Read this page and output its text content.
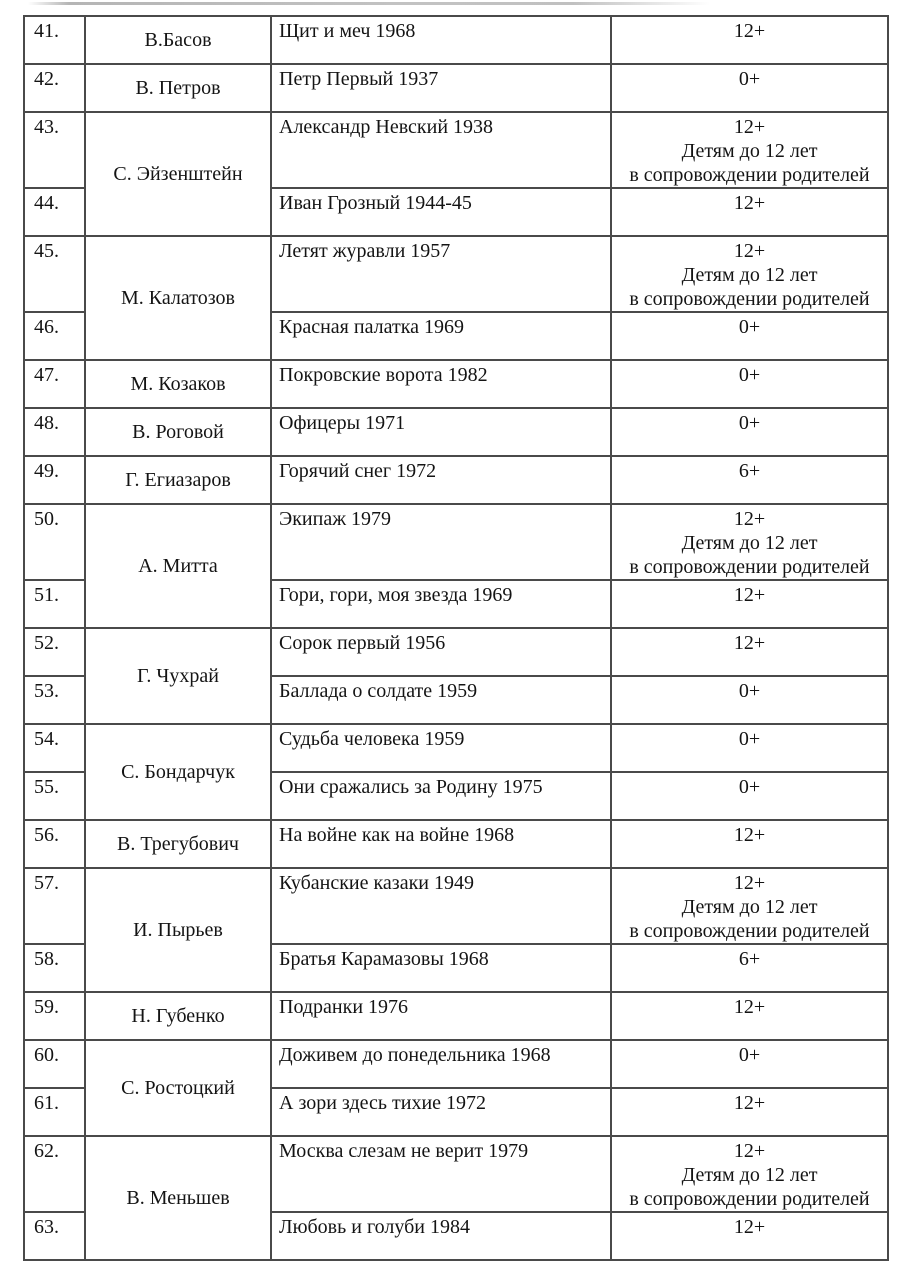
41.	В.Басов	Щит и меч 1968	12+

42.	В. Петров	Петр Первый 1937	0+

43.	С. Эйзенштейн	Александр Невский 1938	12+
Детям до 12 лет
в сопровождении родителей

44.		Иван Грозный 1944-45	12+

45.	М. Калатозов	Летят журавли 1957	12+
Детям до 12 лет
в сопровождении родителей

46.		Красная палатка 1969	0+

47.	М. Козаков	Покровские ворота 1982	0+

48.	В. Роговой	Офицеры 1971	0+

49.	Г. Егиазаров	Горячий снег 1972	6+

50.	А. Митта	Экипаж 1979	12+
Детям до 12 лет
в сопровождении родителей

51.		Гори, гори, моя звезда 1969	12+

52.	Г. Чухрай	Сорок первый 1956	12+

53.		Баллада о солдате 1959	0+

54.	С. Бондарчук	Судьба человека 1959	0+

55.		Они сражались за Родину 1975	0+

56.	В. Трегубович	На войне как на войне 1968	12+

57.	И. Пырьев	Кубанские казаки 1949	12+
Детям до 12 лет
в сопровождении родителей

58.		Братья Карамазовы 1968	6+

59.	Н. Губенко	Подранки 1976	12+

60.	С. Ростоцкий	Доживем до понедельника 1968	0+

61.		А зори здесь тихие 1972	12+

62.	В. Меньшев	Москва слезам не верит 1979	12+
Детям до 12 лет
в сопровождении родителей

63.		Любовь и голуби 1984	12+
